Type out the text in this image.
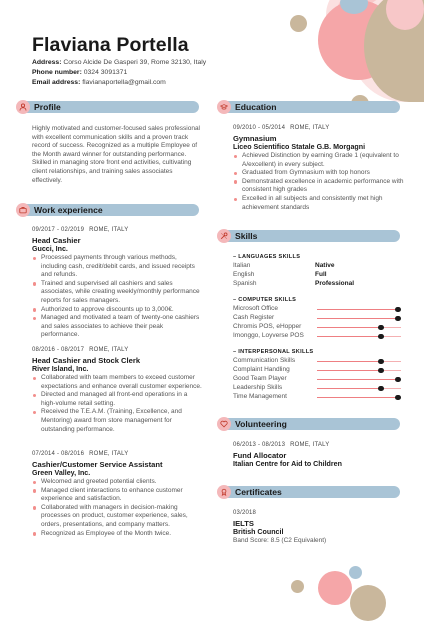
Flaviana Portella
Address: Corso Alcide De Gasperi 39, Rome 32130, Italy
Phone number: 0324 3091371
Email address: flavianaportella@gmail.com
Profile
Highly motivated and customer-focused sales professional with excellent communication skills and a proven track record of success. Recognized as a multiple Employee of the Month award winner for outstanding performance. Skilled in managing store front end activities, cultivating client relationships, and training sales associates effectively.
Work experience
09/2017 - 02/2019 ROME, ITALY
Head Cashier
Gucci, Inc.
Processed payments through various methods, including cash, credit/debit cards, and issued receipts and refunds.
Trained and supervised all cashiers and sales associates, while creating weekly/monthly performance reports for sales managers.
Authorized to approve discounts up to 3,000€.
Managed and motivated a team of twenty-one cashiers and sales associates to achieve their peak performance.
08/2016 - 08/2017 ROME, ITALY
Head Cashier and Stock Clerk
River Island, Inc.
Collaborated with team members to exceed customer expectations and enhance overall customer experience.
Directed and managed all front-end operations in a high-volume retail setting.
Received the T.E.A.M. (Training, Excellence, and Mentoring) award from store management for outstanding performance.
07/2014 - 08/2016 ROME, ITALY
Cashier/Customer Service Assistant
Green Valley, Inc.
Welcomed and greeted potential clients.
Managed client interactions to enhance customer experience and satisfaction.
Collaborated with managers in decision-making processes on product, customer experience, sales, orders, presentations, and company matters.
Recognized as Employee of the Month twice.
Education
09/2010 - 05/2014 ROME, ITALY
Gymnasium
Liceo Scientifico Statale G.B. Morgagni
Achieved Distinction by earning Grade 1 (equivalent to A/excellent) in every subject.
Graduated from Gymnasium with top honors
Demonstrated excellence in academic performance with consistent high grades
Excelled in all subjects and consistently met high achievement standards
Skills
– LANGUAGES SKILLS
Italian	Native
English	Full
Spanish	Professional
– COMPUTER SKILLS
Microsoft Office
Cash Register
Chromis POS, eHopper
Imonggo, Loyverse POS
– INTERPERSONAL SKILLS
Communication Skills
Complaint Handling
Good Team Player
Leadership Skills
Time Management
Volunteering
06/2013 - 08/2013 ROME, ITALY
Fund Allocator
Italian Centre for Aid to Children
Certificates
03/2018
IELTS
British Council
Band Score: 8.5 (C2 Equivalent)
